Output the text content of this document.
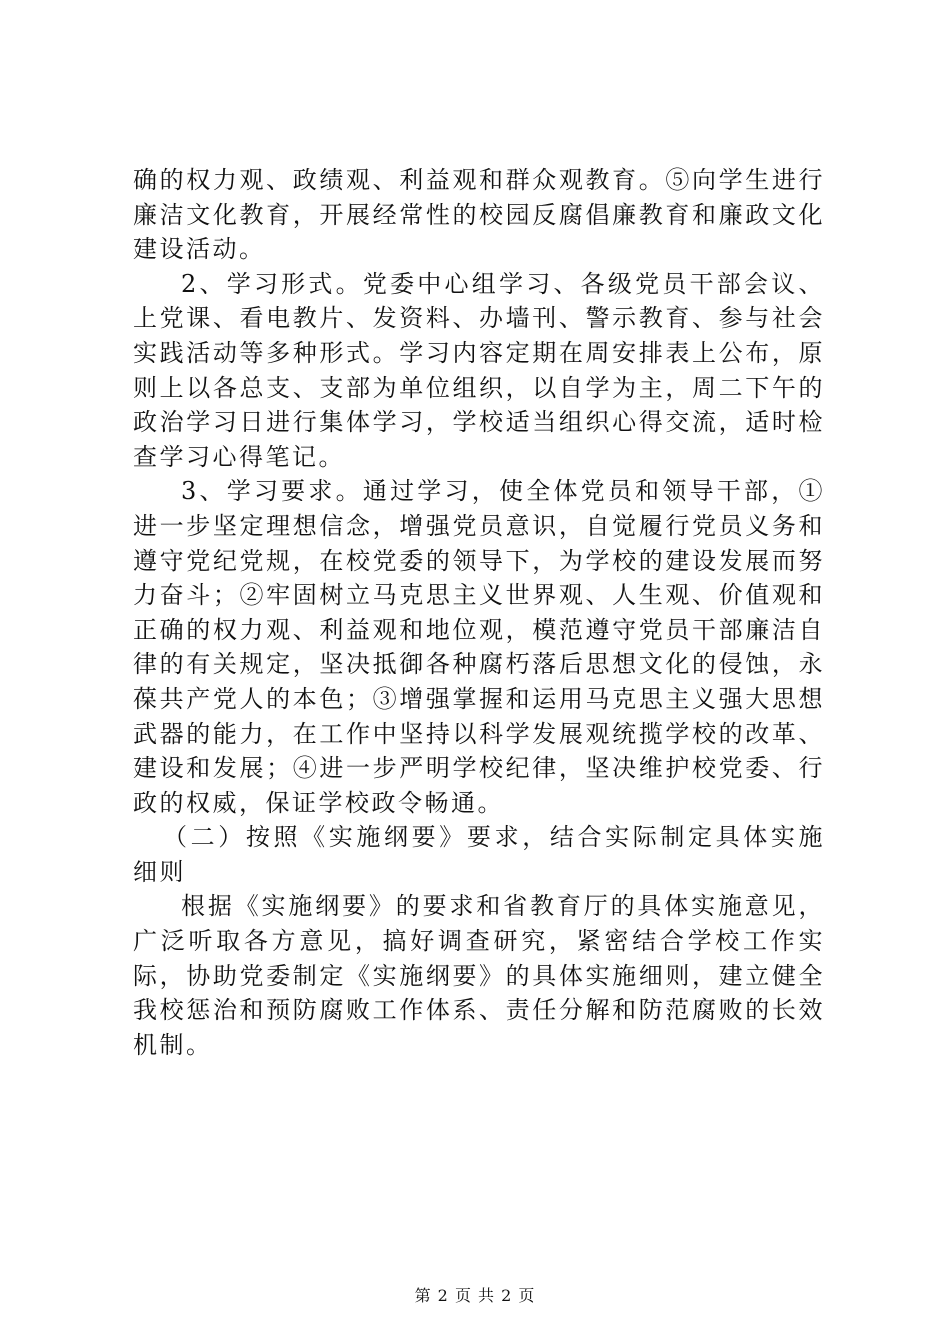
确的权力观、政绩观、利益观和群众观教育。⑤向学生进行廉洁文化教育，开展经常性的校园反腐倡廉教育和廉政文化建设活动。

2、学习形式。党委中心组学习、各级党员干部会议、上党课、看电教片、发资料、办墙刊、警示教育、参与社会实践活动等多种形式。学习内容定期在周安排表上公布，原则上以各总支、支部为单位组织，以自学为主，周二下午的政治学习日进行集体学习，学校适当组织心得交流，适时检查学习心得笔记。

3、学习要求。通过学习，使全体党员和领导干部，①进一步坚定理想信念，增强党员意识，自觉履行党员义务和遵守党纪党规，在校党委的领导下，为学校的建设发展而努力奋斗；②牢固树立马克思主义世界观、人生观、价值观和正确的权力观、利益观和地位观，模范遵守党员干部廉洁自律的有关规定，坚决抵御各种腐朽落后思想文化的侵蚀，永葆共产党人的本色；③增强掌握和运用马克思主义强大思想武器的能力，在工作中坚持以科学发展观统揽学校的改革、建设和发展；④进一步严明学校纪律，坚决维护校党委、行政的权威，保证学校政令畅通。

（二）按照《实施纲要》要求，结合实际制定具体实施细则

根据《实施纲要》的要求和省教育厅的具体实施意见，广泛听取各方意见，搞好调查研究，紧密结合学校工作实际，协助党委制定《实施纲要》的具体实施细则，建立健全我校惩治和预防腐败工作体系、责任分解和防范腐败的长效机制。

第 2 页 共 2 页
